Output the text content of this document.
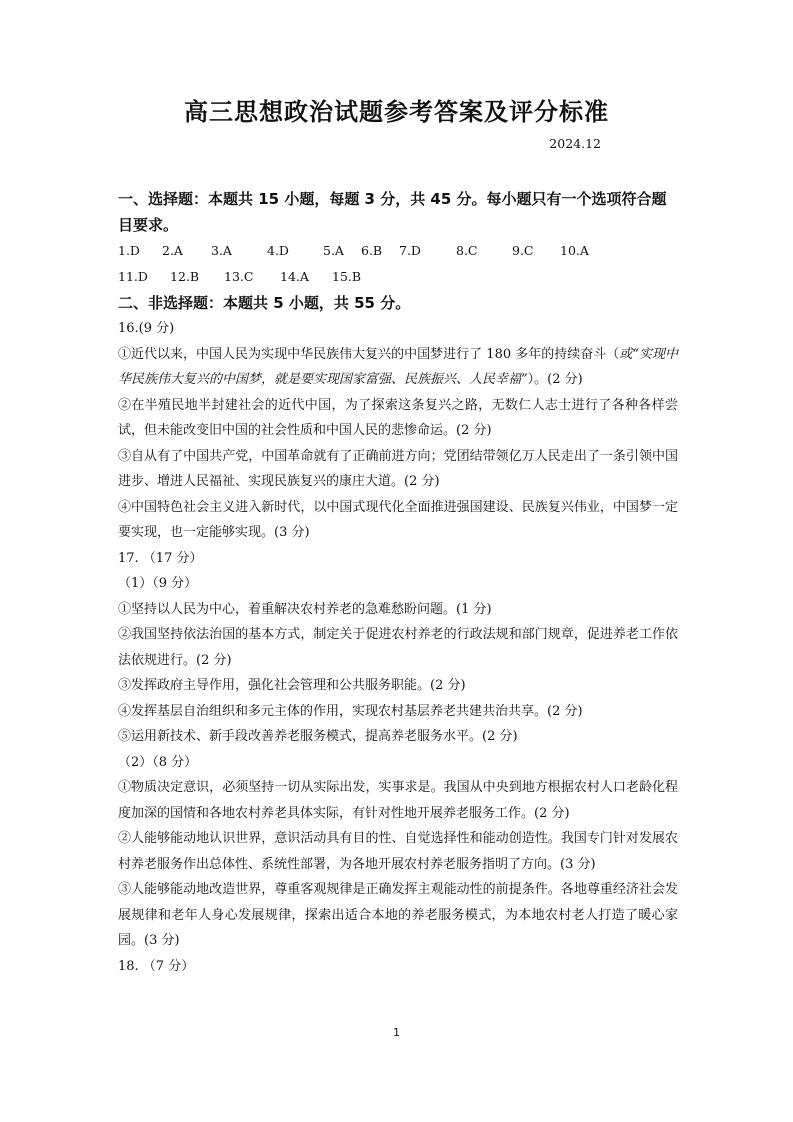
高三思想政治试题参考答案及评分标准
2024.12

一、选择题：本题共 15 小题，每题 3 分，共 45 分。每小题只有一个选项符合题目要求。

1.D 2.A 3.A	4.D	5.A 6.B 7.D	8.C	9.C 10.A

11.D 12.B 13.C 14.A 15.B

二、非选择题：本题共 5 小题，共 55 分。

16.(9 分)

①近代以来，中国人民为实现中华民族伟大复兴的中国梦进行了 180 多年的持续奋斗（或“实现中华民族伟大复兴的中国梦，就是要实现国家富强、民族振兴、人民幸福”）。(2 分)

②在半殖民地半封建社会的近代中国，为了探索这条复兴之路，无数仁人志士进行了各种各样尝试，但未能改变旧中国的社会性质和中国人民的悲惨命运。(2 分)

③自从有了中国共产党，中国革命就有了正确前进方向；党团结带领亿万人民走出了一条引领中国进步、增进人民福祉、实现民族复兴的康庄大道。(2 分)

④中国特色社会主义进入新时代，以中国式现代化全面推进强国建设、民族复兴伟业，中国梦一定要实现，也一定能够实现。(3 分)

17. （17 分）

（1）（9 分）

①坚持以人民为中心，着重解决农村养老的急难愁盼问题。(1 分)

②我国坚持依法治国的基本方式，制定关于促进农村养老的行政法规和部门规章，促进养老工作依法依规进行。(2 分)

③发挥政府主导作用，强化社会管理和公共服务职能。(2 分)

④发挥基层自治组织和多元主体的作用，实现农村基层养老共建共治共享。(2 分)

⑤运用新技术、新手段改善养老服务模式，提高养老服务水平。(2 分)

（2）（8 分）

①物质决定意识，必须坚持一切从实际出发，实事求是。我国从中央到地方根据农村人口老龄化程度加深的国情和各地农村养老具体实际，有针对性地开展养老服务工作。(2 分)

②人能够能动地认识世界，意识活动具有目的性、自觉选择性和能动创造性。我国专门针对发展农村养老服务作出总体性、系统性部署，为各地开展农村养老服务指明了方向。(3 分)

③人能够能动地改造世界，尊重客观规律是正确发挥主观能动性的前提条件。各地尊重经济社会发展规律和老年人身心发展规律，探索出适合本地的养老服务模式，为本地农村老人打造了暖心家园。(3 分)

18. （7 分）

1
